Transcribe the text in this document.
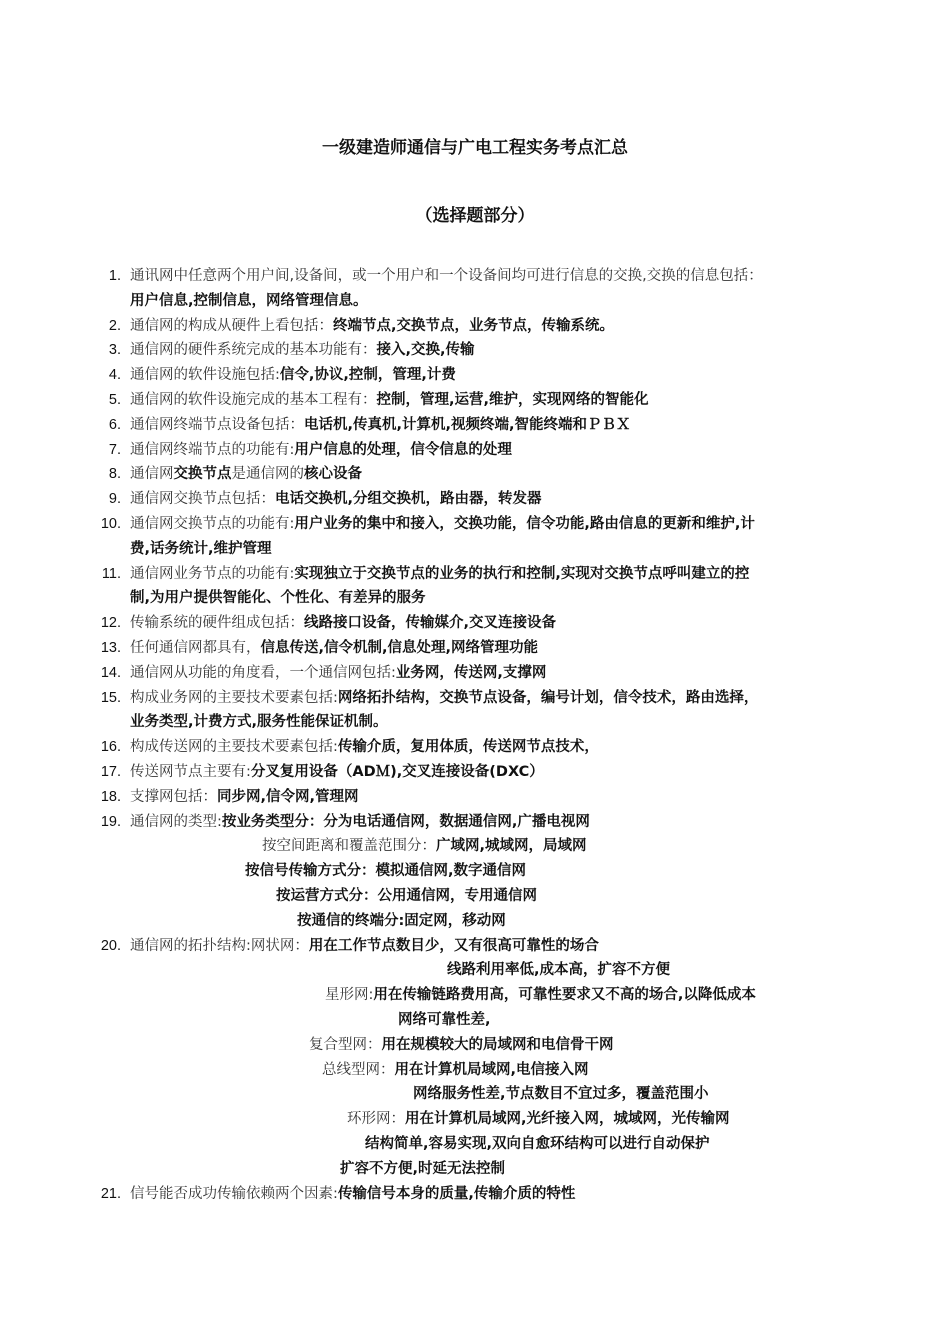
一级建造师通信与广电工程实务考点汇总
（选择题部分）
1. 通讯网中任意两个用户间,设备间，或一个用户和一个设备间均可进行信息的交换,交换的信息包括：
用户信息,控制信息，网络管理信息。
2. 通信网的构成从硬件上看包括：终端节点,交换节点，业务节点，传输系统。
3. 通信网的硬件系统完成的基本功能有：接入,交换,传输
4. 通信网的软件设施包括:信令,协议,控制，管理,计费
5. 通信网的软件设施完成的基本工程有：控制，管理,运营,维护，实现网络的智能化
6. 通信网终端节点设备包括：电话机,传真机,计算机,视频终端,智能终端和ＰＢＸ
7. 通信网终端节点的功能有:用户信息的处理，信令信息的处理
8. 通信网交换节点是通信网的核心设备
9. 通信网交换节点包括：电话交换机,分组交换机，路由器，转发器
10. 通信网交换节点的功能有:用户业务的集中和接入，交换功能，信令功能,路由信息的更新和维护,计
费,话务统计,维护管理
11. 通信网业务节点的功能有:实现独立于交换节点的业务的执行和控制,实现对交换节点呼叫建立的控
制,为用户提供智能化、个性化、有差异的服务
12. 传输系统的硬件组成包括：线路接口设备，传输媒介,交叉连接设备
13. 任何通信网都具有，信息传送,信令机制,信息处理,网络管理功能
14. 通信网从功能的角度看，一个通信网包括:业务网，传送网,支撑网
15. 构成业务网的主要技术要素包括:网络拓扑结构，交换节点设备，编号计划，信令技术，路由选择，
业务类型,计费方式,服务性能保证机制。
16. 构成传送网的主要技术要素包括:传输介质，复用体质，传送网节点技术，
17. 传送网节点主要有:分叉复用设备（ADＭ),交叉连接设备(DXC）
18. 支撑网包括：同步网,信令网,管理网
19. 通信网的类型:按业务类型分：分为电话通信网，数据通信网,广播电视网
按空间距离和覆盖范围分：广域网,城域网，局域网
按信号传输方式分：模拟通信网,数字通信网
按运营方式分：公用通信网，专用通信网
按通信的终端分:固定网，移动网
20. 通信网的拓扑结构:网状网：用在工作节点数目少，又有很高可靠性的场合
线路利用率低,成本高，扩容不方便
星形网:用在传输链路费用高，可靠性要求又不高的场合,以降低成本
网络可靠性差,
复合型网：用在规模较大的局域网和电信骨干网
总线型网：用在计算机局域网,电信接入网
网络服务性差,节点数目不宜过多，覆盖范围小
环形网：用在计算机局域网,光纤接入网，城域网，光传输网
结构简单,容易实现,双向自愈环结构可以进行自动保护
扩容不方便,时延无法控制
21. 信号能否成功传输依赖两个因素:传输信号本身的质量,传输介质的特性
